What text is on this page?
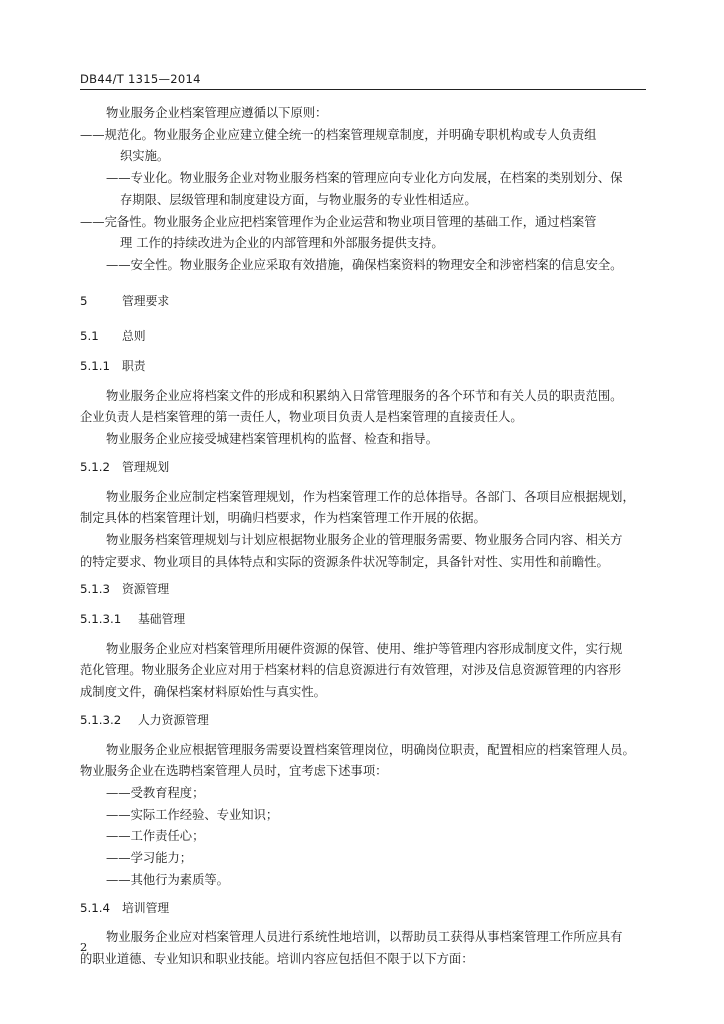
DB44/T 1315—2014

物业服务企业档案管理应遵循以下原则：

——规范化。物业服务企业应建立健全统一的档案管理规章制度，并明确专职机构或专人负责组

织实施。

——专业化。物业服务企业对物业服务档案的管理应向专业化方向发展，在档案的类别划分、保

存期限、层级管理和制度建设方面，与物业服务的专业性相适应。

——完备性。物业服务企业应把档案管理作为企业运营和物业项目管理的基础工作，通过档案管

理 工作的持续改进为企业的内部管理和外部服务提供支持。

——安全性。物业服务企业应采取有效措施，确保档案资料的物理安全和涉密档案的信息安全。

5	管理要求

5.1 总则

5.1.1 职责

物业服务企业应将档案文件的形成和积累纳入日常管理服务的各个环节和有关人员的职责范围。

企业负责人是档案管理的第一责任人，物业项目负责人是档案管理的直接责任人。

物业服务企业应接受城建档案管理机构的监督、检查和指导。

5.1.2 管理规划

物业服务企业应制定档案管理规划，作为档案管理工作的总体指导。各部门、各项目应根据规划，

制定具体的档案管理计划，明确归档要求，作为档案管理工作开展的依据。

物业服务档案管理规划与计划应根据物业服务企业的管理服务需要、物业服务合同内容、相关方

的特定要求、物业项目的具体特点和实际的资源条件状况等制定，具备针对性、实用性和前瞻性。

5.1.3 资源管理

5.1.3.1 基础管理

物业服务企业应对档案管理所用硬件资源的保管、使用、维护等管理内容形成制度文件，实行规

范化管理。物业服务企业应对用于档案材料的信息资源进行有效管理，对涉及信息资源管理的内容形

成制度文件，确保档案材料原始性与真实性。

5.1.3.2 人力资源管理

物业服务企业应根据管理服务需要设置档案管理岗位，明确岗位职责，配置相应的档案管理人员。

物业服务企业在选聘档案管理人员时，宜考虑下述事项：

——受教育程度；

——实际工作经验、专业知识；

——工作责任心；

——学习能力；

——其他行为素质等。

5.1.4 培训管理

物业服务企业应对档案管理人员进行系统性地培训，以帮助员工获得从事档案管理工作所应具有

的职业道德、专业知识和职业技能。培训内容应包括但不限于以下方面：

2
